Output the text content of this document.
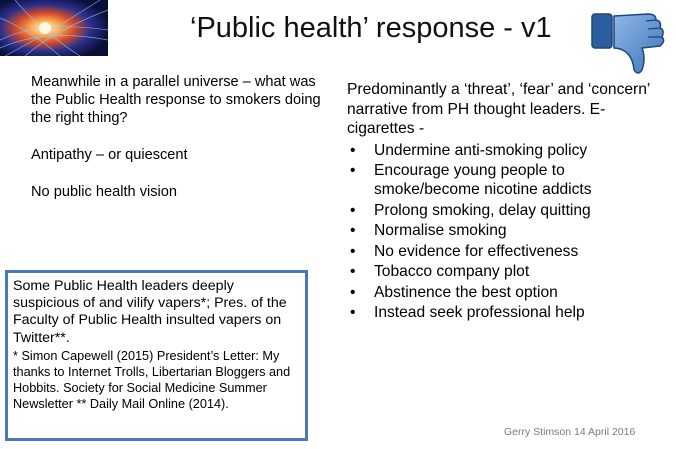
‘Public health’ response - v1

Meanwhile in a parallel universe – what was the Public Health response to smokers doing the right thing?

Antipathy – or quiescent

No public health vision

Predominantly a ‘threat’, ‘fear’ and ‘concern’ narrative from PH thought leaders. E-cigarettes -

• Undermine anti-smoking policy
• Encourage young people to smoke/become nicotine addicts
• Prolong smoking, delay quitting
• Normalise smoking
• No evidence for effectiveness
• Tobacco company plot
• Abstinence the best option
• Instead seek professional help

Some Public Health leaders deeply suspicious of and vilify vapers*; Pres. of the Faculty of Public Health insulted vapers on Twitter**.

* Simon Capewell (2015) President’s Letter: My thanks to Internet Trolls, Libertarian Bloggers and Hobbits. Society for Social Medicine Summer Newsletter ** Daily Mail Online (2014).

Gerry Stimson 14 April 2016
